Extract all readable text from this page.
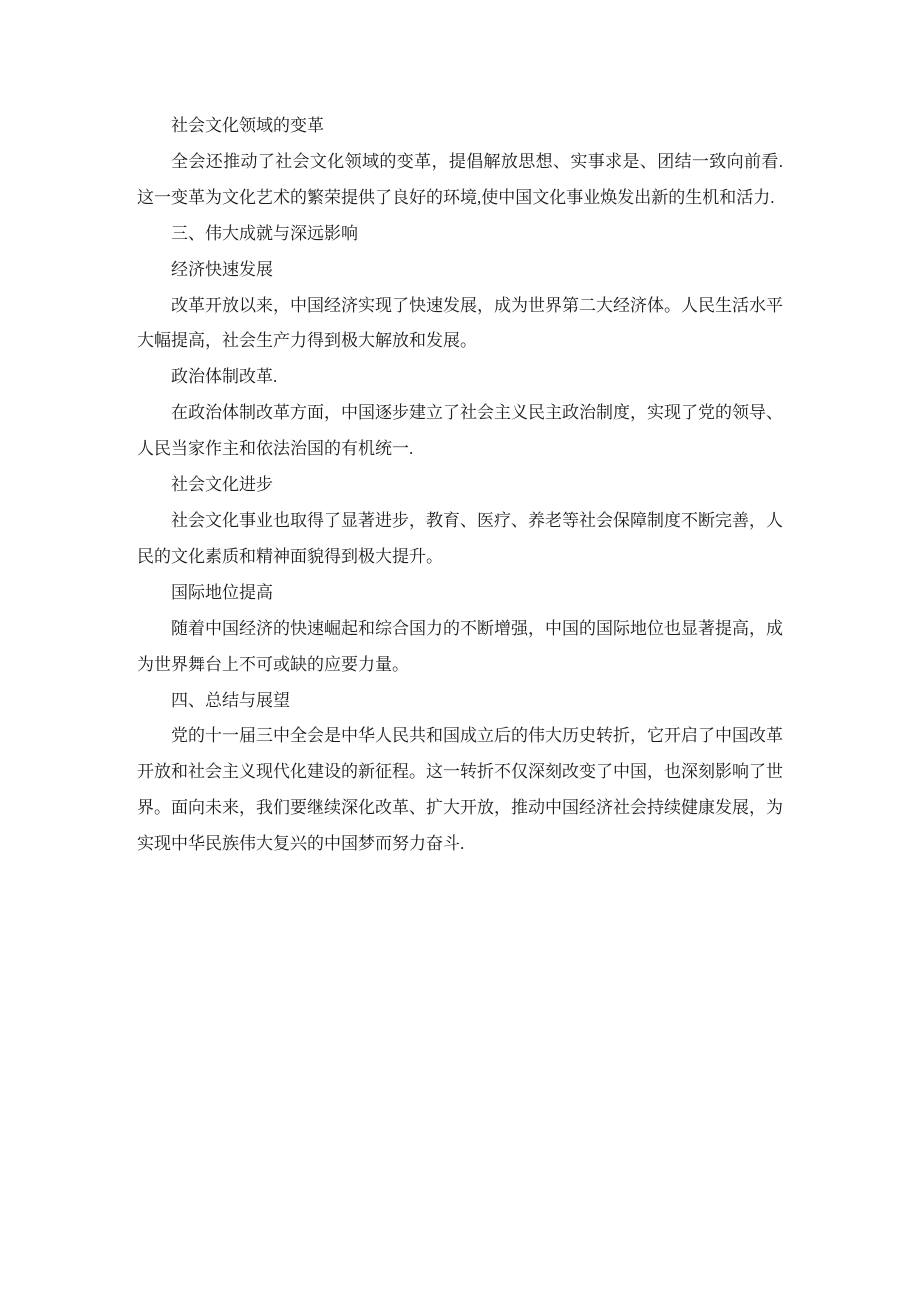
社会文化领域的变革

全会还推动了社会文化领域的变革，提倡解放思想、实事求是、团结一致向前看.这一变革为文化艺术的繁荣提供了良好的环境,使中国文化事业焕发出新的生机和活力.

三、伟大成就与深远影响

经济快速发展

改革开放以来，中国经济实现了快速发展，成为世界第二大经济体。人民生活水平大幅提高，社会生产力得到极大解放和发展。

政治体制改革.

在政治体制改革方面，中国逐步建立了社会主义民主政治制度，实现了党的领导、人民当家作主和依法治国的有机统一.

社会文化进步

社会文化事业也取得了显著进步，教育、医疗、养老等社会保障制度不断完善，人民的文化素质和精神面貌得到极大提升。

国际地位提高

随着中国经济的快速崛起和综合国力的不断增强，中国的国际地位也显著提高，成为世界舞台上不可或缺的应要力量。

四、总结与展望

党的十一届三中全会是中华人民共和国成立后的伟大历史转折，它开启了中国改革开放和社会主义现代化建设的新征程。这一转折不仅深刻改变了中国，也深刻影响了世界。面向未来，我们要继续深化改革、扩大开放，推动中国经济社会持续健康发展，为实现中华民族伟大复兴的中国梦而努力奋斗.
